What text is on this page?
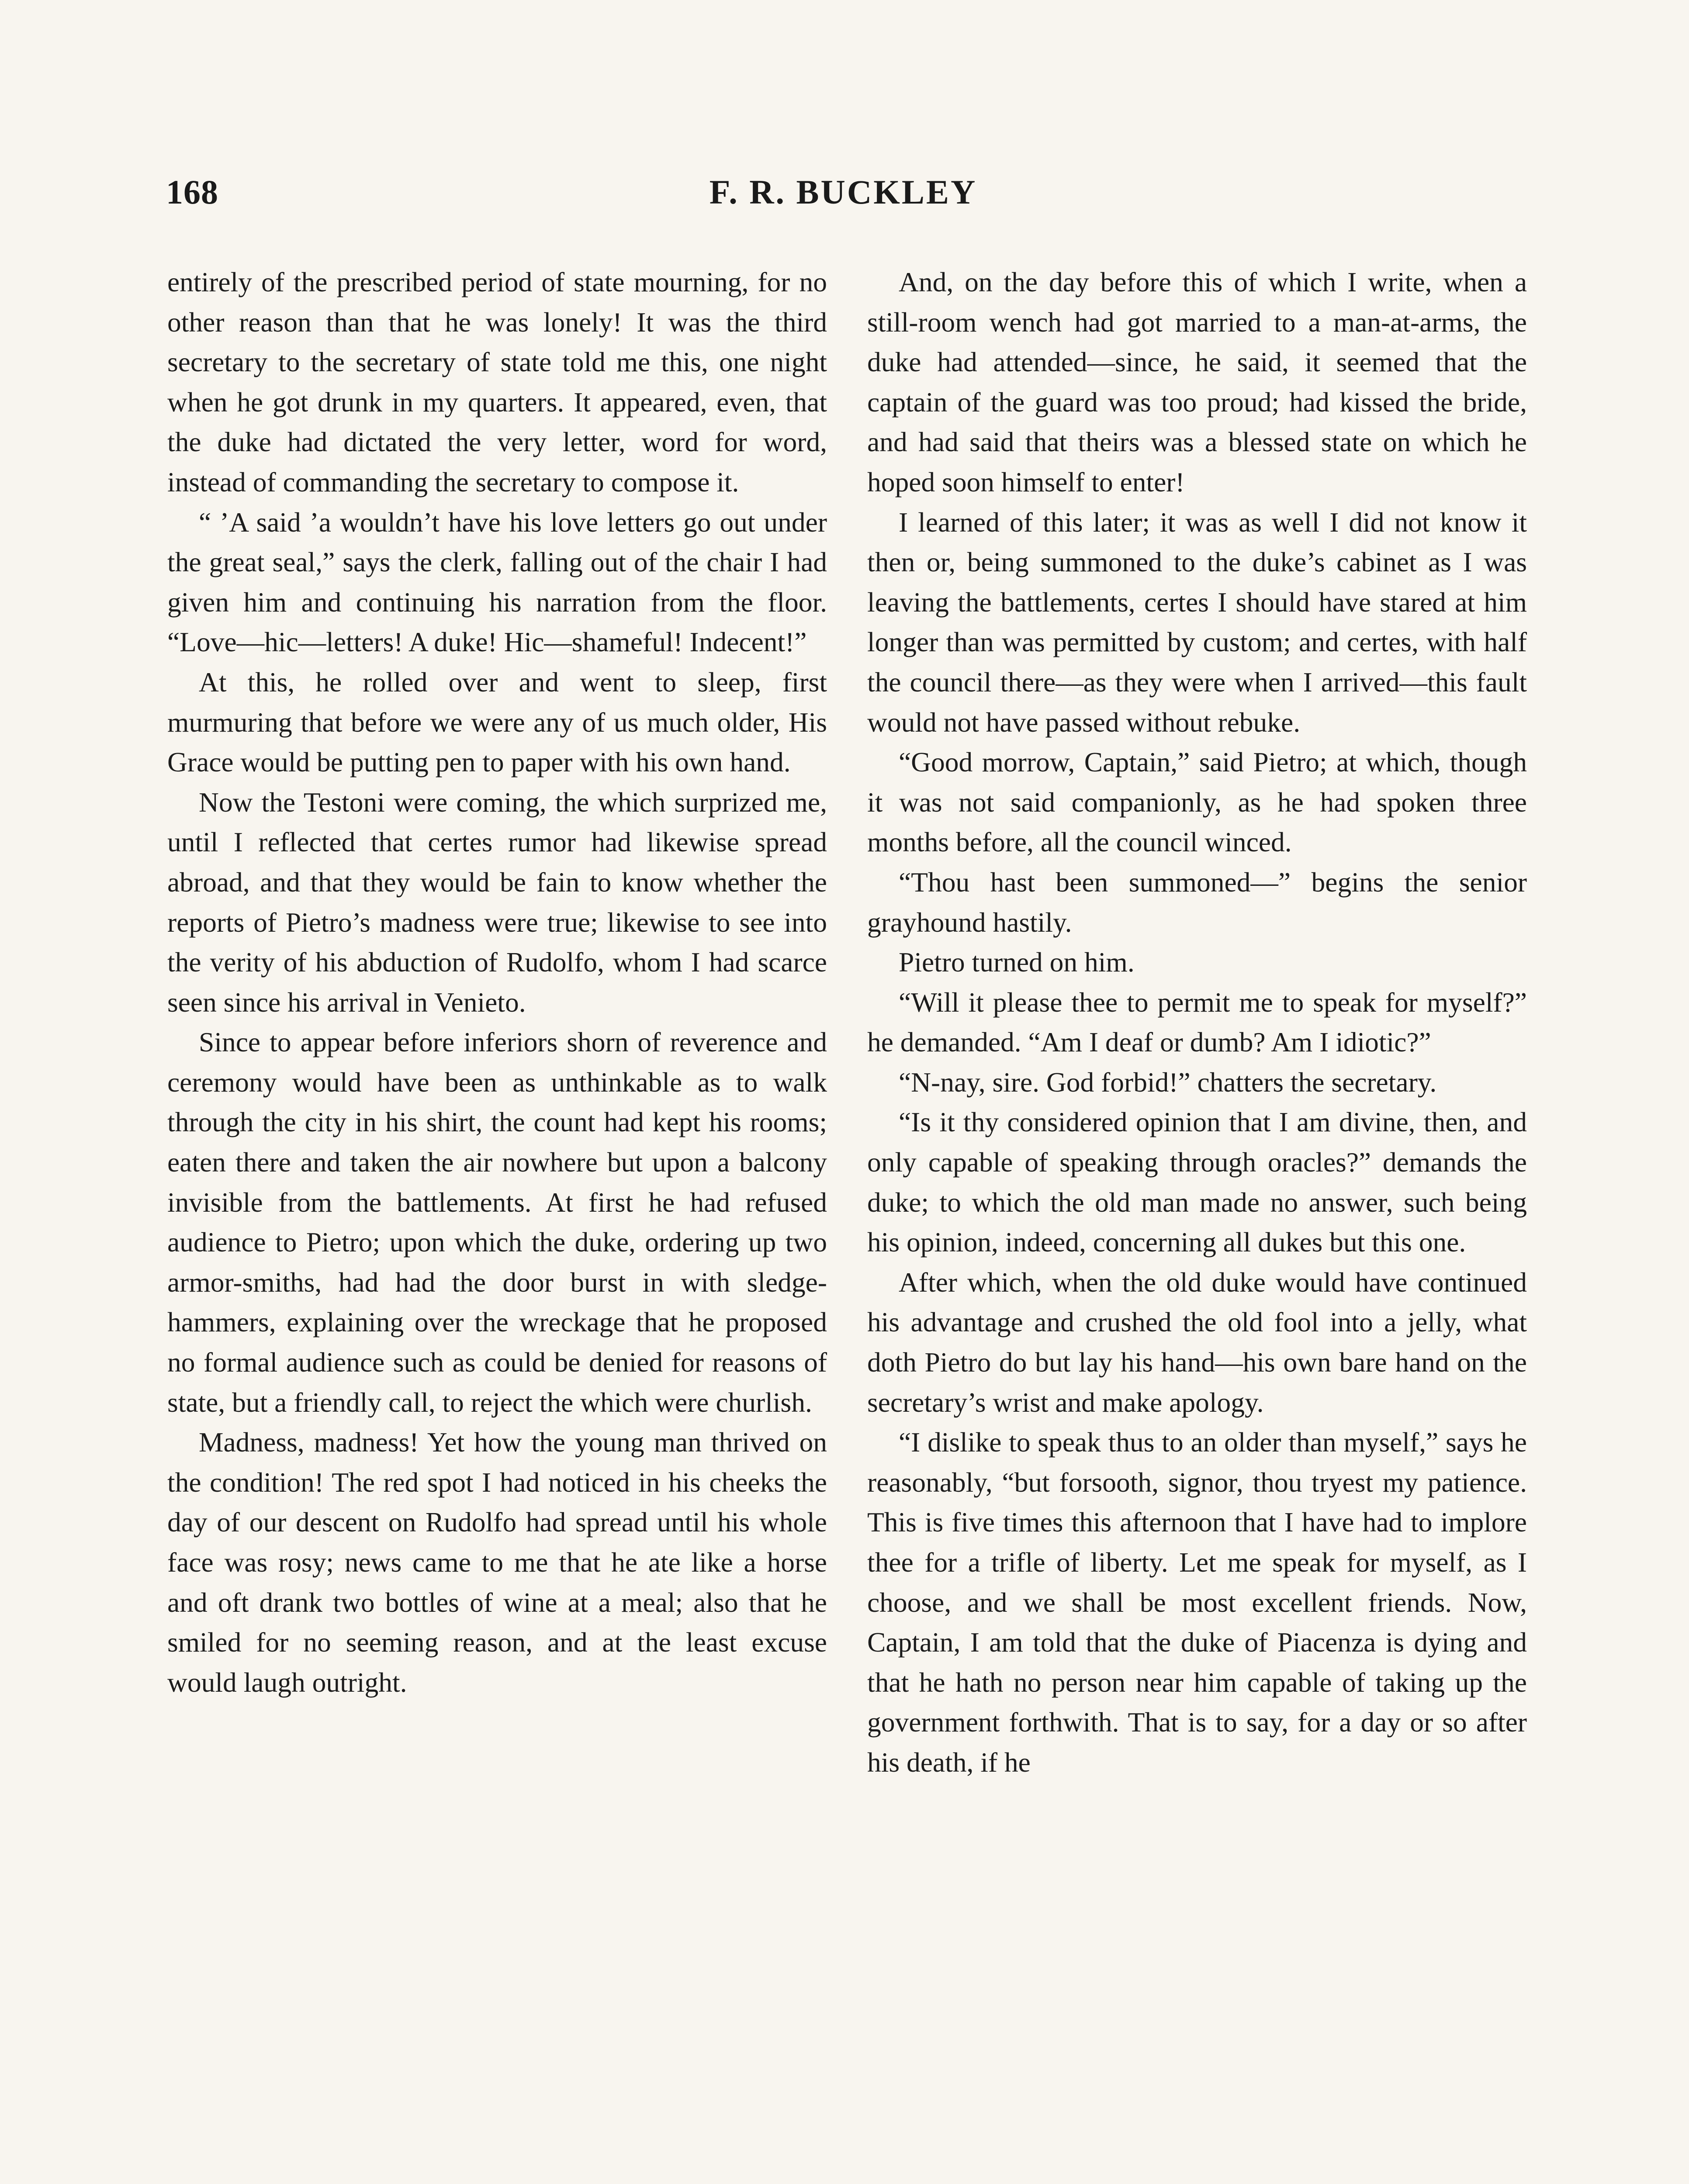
168	F. R. BUCKLEY

entirely of the prescribed period of state mourning, for no other reason than that he was lonely! It was the third secretary to the secretary of state told me this, one night when he got drunk in my quarters. It appeared, even, that the duke had dictated the very letter, word for word, instead of commanding the secretary to compose it.

“ ’A said ’a wouldn’t have his love letters go out under the great seal,” says the clerk, falling out of the chair I had given him and continuing his narration from the floor. “Love—hic—letters! A duke! Hic—shameful! Indecent!”

At this, he rolled over and went to sleep, first murmuring that before we were any of us much older, His Grace would be putting pen to paper with his own hand.

Now the Testoni were coming, the which surprized me, until I reflected that certes rumor had likewise spread abroad, and that they would be fain to know whether the reports of Pietro’s madness were true; likewise to see into the verity of his abduction of Rudolfo, whom I had scarce seen since his arrival in Venieto.

Since to appear before inferiors shorn of reverence and ceremony would have been as unthinkable as to walk through the city in his shirt, the count had kept his rooms; eaten there and taken the air nowhere but upon a balcony invisible from the battlements. At first he had refused audience to Pietro; upon which the duke, ordering up two armor-smiths, had had the door burst in with sledge-hammers, explaining over the wreckage that he proposed no formal audience such as could be denied for reasons of state, but a friendly call, to reject the which were churlish.

Madness, madness! Yet how the young man thrived on the condition! The red spot I had noticed in his cheeks the day of our descent on Rudolfo had spread until his whole face was rosy; news came to me that he ate like a horse and oft drank two bottles of wine at a meal; also that he smiled for no seeming reason, and at the least excuse would laugh outright.

And, on the day before this of which I write, when a still-room wench had got married to a man-at-arms, the duke had attended—since, he said, it seemed that the captain of the guard was too proud; had kissed the bride, and had said that theirs was a blessed state on which he hoped soon himself to enter!

I learned of this later; it was as well I did not know it then or, being summoned to the duke’s cabinet as I was leaving the battlements, certes I should have stared at him longer than was permitted by custom; and certes, with half the council there—as they were when I arrived—this fault would not have passed without rebuke.

“Good morrow, Captain,” said Pietro; at which, though it was not said companionly, as he had spoken three months before, all the council winced.

“Thou hast been summoned—” begins the senior grayhound hastily.

Pietro turned on him.

“Will it please thee to permit me to speak for myself?” he demanded. “Am I deaf or dumb? Am I idiotic?”

“N-nay, sire. God forbid!” chatters the secretary.

“Is it thy considered opinion that I am divine, then, and only capable of speaking through oracles?” demands the duke; to which the old man made no answer, such being his opinion, indeed, concerning all dukes but this one.

After which, when the old duke would have continued his advantage and crushed the old fool into a jelly, what doth Pietro do but lay his hand—his own bare hand on the secretary’s wrist and make apology.

“I dislike to speak thus to an older than myself,” says he reasonably, “but forsooth, signor, thou tryest my patience. This is five times this afternoon that I have had to implore thee for a trifle of liberty. Let me speak for myself, as I choose, and we shall be most excellent friends. Now, Captain, I am told that the duke of Piacenza is dying and that he hath no person near him capable of taking up the government forthwith. That is to say, for a day or so after his death, if he
